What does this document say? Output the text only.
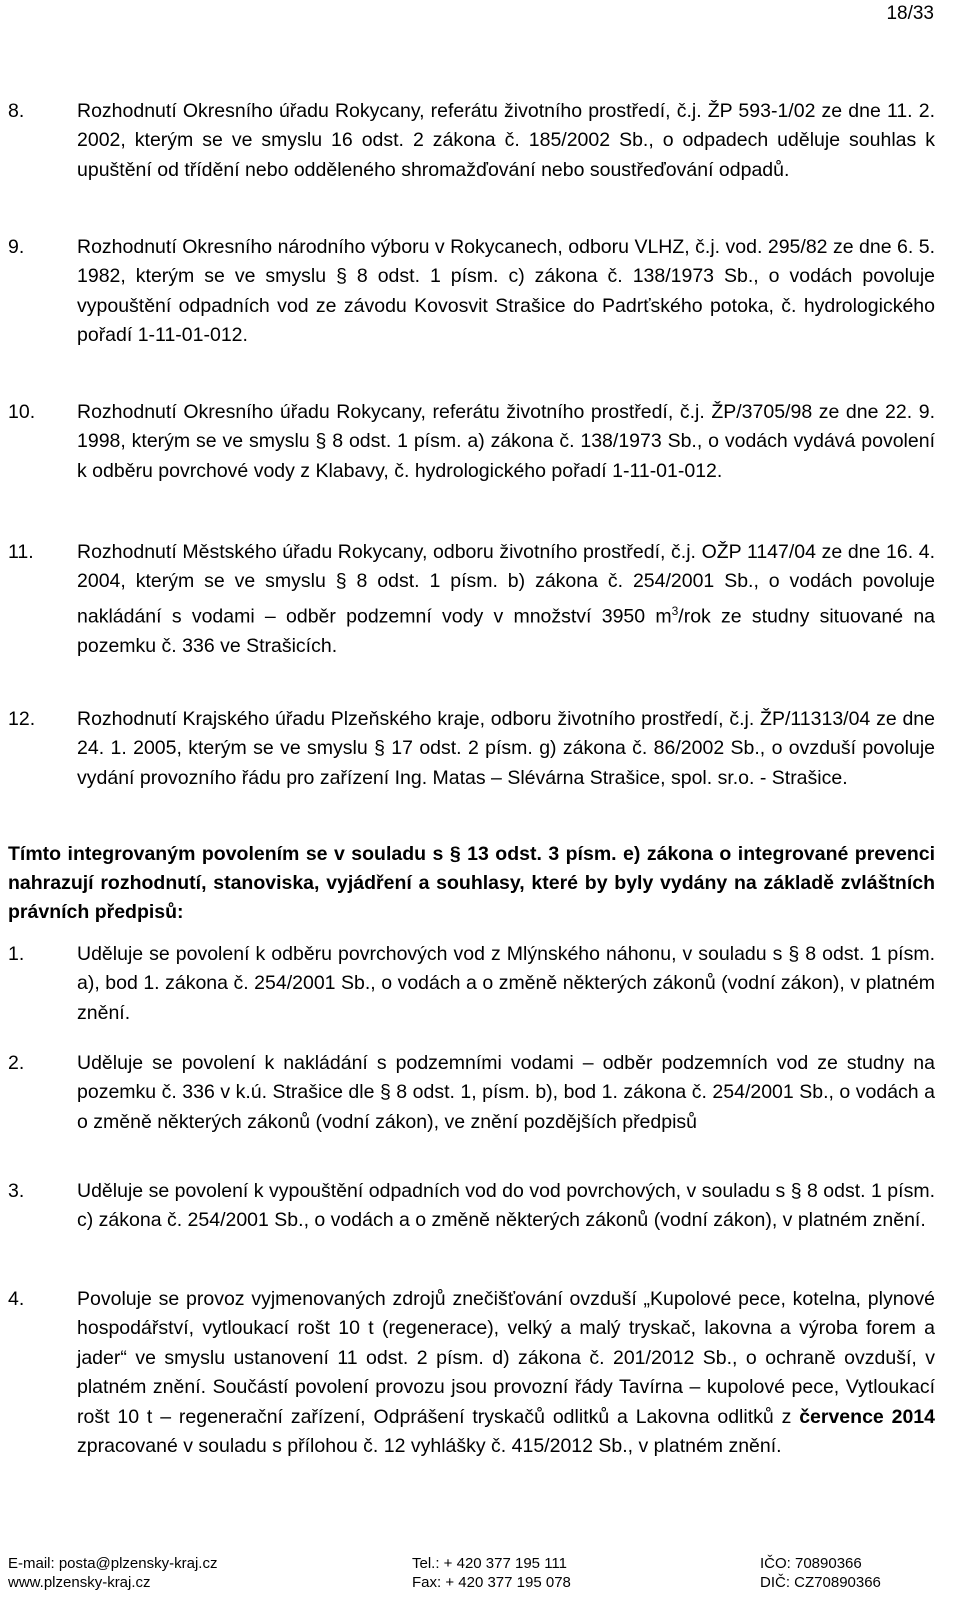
18/33
8.	Rozhodnutí Okresního úřadu Rokycany, referátu životního prostředí, č.j. ŽP 593-1/02 ze dne 11. 2. 2002, kterým se ve smyslu 16 odst. 2 zákona č. 185/2002 Sb., o odpadech uděluje souhlas k upuštění od třídění nebo odděleného shromažďování nebo soustřeďování odpadů.
9.	Rozhodnutí Okresního národního výboru v Rokycanech, odboru VLHZ, č.j. vod. 295/82 ze dne 6. 5. 1982, kterým se ve smyslu § 8 odst. 1 písm. c) zákona č. 138/1973 Sb., o vodách povoluje vypouštění odpadních vod ze závodu Kovosvit Strašice do Padrťského potoka, č. hydrologického pořadí 1-11-01-012.
10. Rozhodnutí Okresního úřadu Rokycany, referátu životního prostředí, č.j. ŽP/3705/98 ze dne 22. 9. 1998, kterým se ve smyslu § 8 odst. 1 písm. a) zákona č. 138/1973 Sb., o vodách vydává povolení k odběru povrchové vody z Klabavy, č. hydrologického pořadí 1-11-01-012.
11. Rozhodnutí Městského úřadu Rokycany, odboru životního prostředí, č.j. OŽP 1147/04 ze dne 16. 4. 2004, kterým se ve smyslu § 8 odst. 1 písm. b) zákona č. 254/2001 Sb., o vodách povoluje nakládání s vodami – odběr podzemní vody v množství 3950 $m^3$/rok ze studny situované na pozemku č. 336 ve Strašicích.
12. Rozhodnutí Krajského úřadu Plzeňského kraje, odboru životního prostředí, č.j. ŽP/11313/04 ze dne 24. 1. 2005, kterým se ve smyslu § 17 odst. 2 písm. g) zákona č. 86/2002 Sb., o ovzduší povoluje vydání provozního řádu pro zařízení Ing. Matas – Slévárna Strašice, spol. sr.o. - Strašice.
Tímto integrovaným povolením se v souladu s § 13 odst. 3 písm. e) zákona o integrované prevenci nahrazují rozhodnutí, stanoviska, vyjádření a souhlasy, které by byly vydány na základě zvláštních právních předpisů:
1.	Uděluje se povolení k odběru povrchových vod z Mlýnského náhonu, v souladu s § 8 odst. 1 písm. a), bod 1. zákona č. 254/2001 Sb., o vodách a o změně některých zákonů (vodní zákon), v platném znění.
2.	Uděluje se povolení k nakládání s podzemními vodami – odběr podzemních vod ze studny na pozemku č. 336 v k.ú. Strašice dle § 8 odst. 1, písm. b), bod 1. zákona č. 254/2001 Sb., o vodách a o změně některých zákonů (vodní zákon), ve znění pozdějších předpisů
3.	Uděluje se povolení k vypouštění odpadních vod do vod povrchových, v souladu s § 8 odst. 1 písm. c) zákona č. 254/2001 Sb., o vodách a o změně některých zákonů (vodní zákon), v platném znění.
4.	Povoluje se provoz vyjmenovaných zdrojů znečišťování ovzduší „Kupolové pece, kotelna, plynové hospodářství, vytloukací rošt 10 t (regenerace), velký a malý tryskač, lakovna a výroba forem a jader“ ve smyslu ustanovení 11 odst. 2 písm. d) zákona č. 201/2012 Sb., o ochraně ovzduší, v platném znění. Součástí povolení provozu jsou provozní řády Tavírna – kupolové pece, Vytloukací rošt 10 t – regenerační zařízení, Odprášení tryskačů odlitků a Lakovna odlitků z července 2014 zpracované v souladu s přílohou č. 12 vyhlášky č. 415/2012 Sb., v platném znění.
E-mail: posta@plzensky-kraj.cz
www.plzensky-kraj.cz
Tel.: + 420 377 195 111
Fax: + 420 377 195 078
IČO: 70890366
DIČ: CZ70890366
